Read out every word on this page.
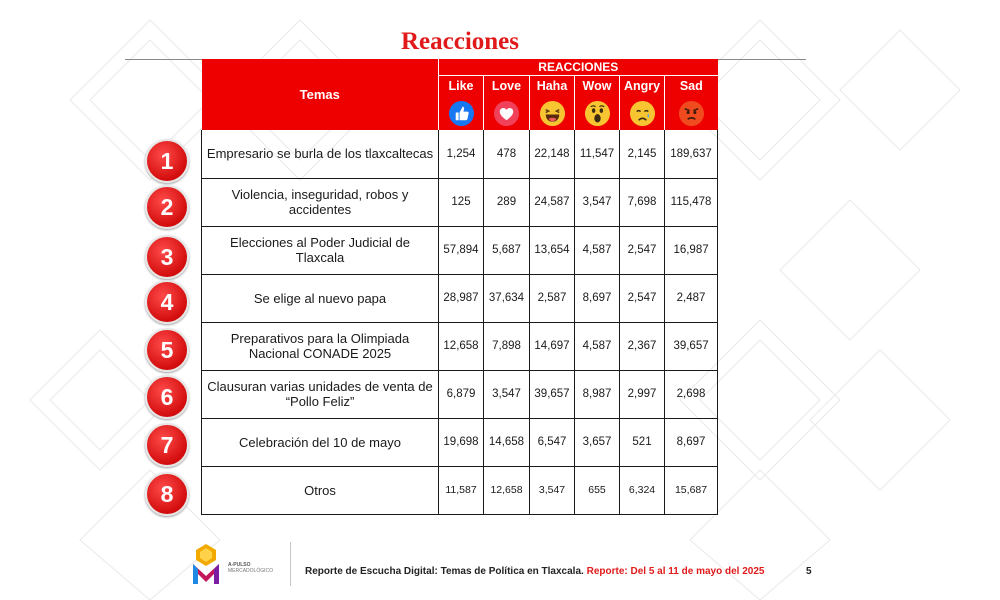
Reacciones
Temas	REACCIONES					
	Like	Love	Haha	Wow	Angry	Sad

Empresario se burla de los tlaxcaltecas	1,254	478	22,148	11,547	2,145	189,637
Violencia, inseguridad, robos y accidentes	125	289	24,587	3,547	7,698	115,478
Elecciones al Poder Judicial de Tlaxcala	57,894	5,687	13,654	4,587	2,547	16,987
Se elige al nuevo papa	28,987	37,634	2,587	8,697	2,547	2,487
Preparativos para la Olimpiada Nacional CONADE 2025	12,658	7,898	14,697	4,587	2,367	39,657
Clausuran varias unidades de venta de “Pollo Feliz”	6,879	3,547	39,657	8,987	2,997	2,698
Celebración del 10 de mayo	19,698	14,658	6,547	3,657	521	8,697
Otros	11,587	12,658	3,547	655	6,324	15,687
1
2
3
4
5
6
7
8
A-PULSO
MERCADOLÓGICO	Reporte de Escucha Digital: Temas de Política en Tlaxcala. Reporte: Del 5 al 11 de mayo del 2025	5
